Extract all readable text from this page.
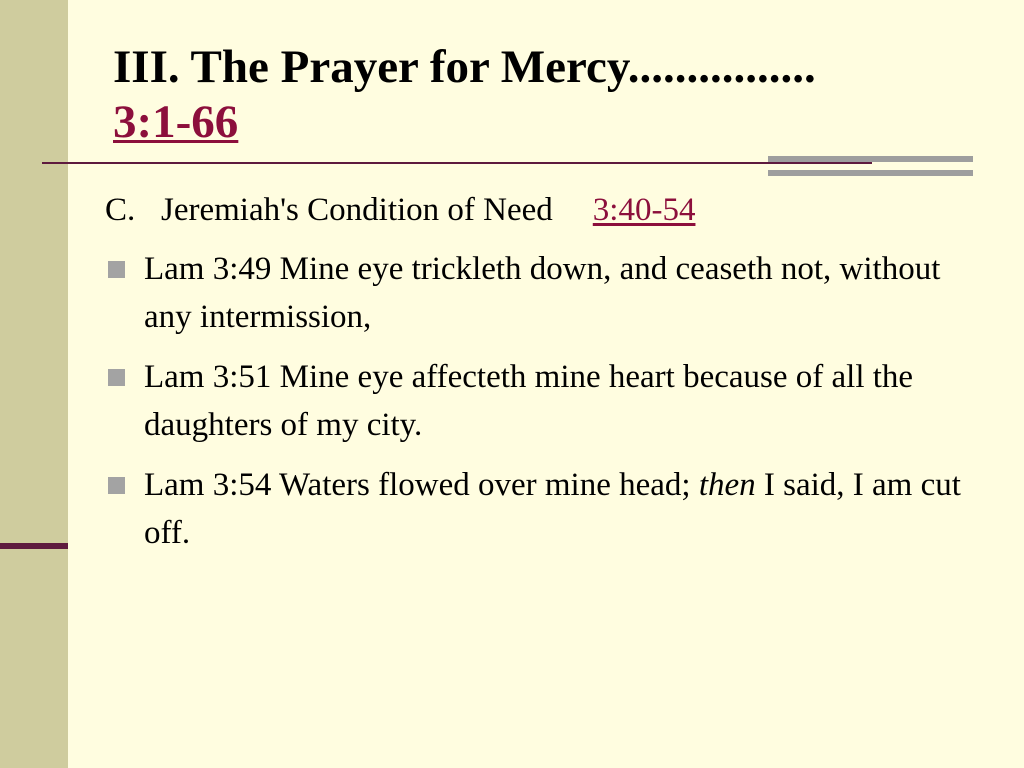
III. The Prayer for Mercy................
3:1-66
C. Jeremiah's Condition of Need 3:40-54
Lam 3:49 Mine eye trickleth down, and ceaseth not, without any intermission,
Lam 3:51 Mine eye affecteth mine heart because of all the daughters of my city.
Lam 3:54 Waters flowed over mine head; then I said, I am cut off.
